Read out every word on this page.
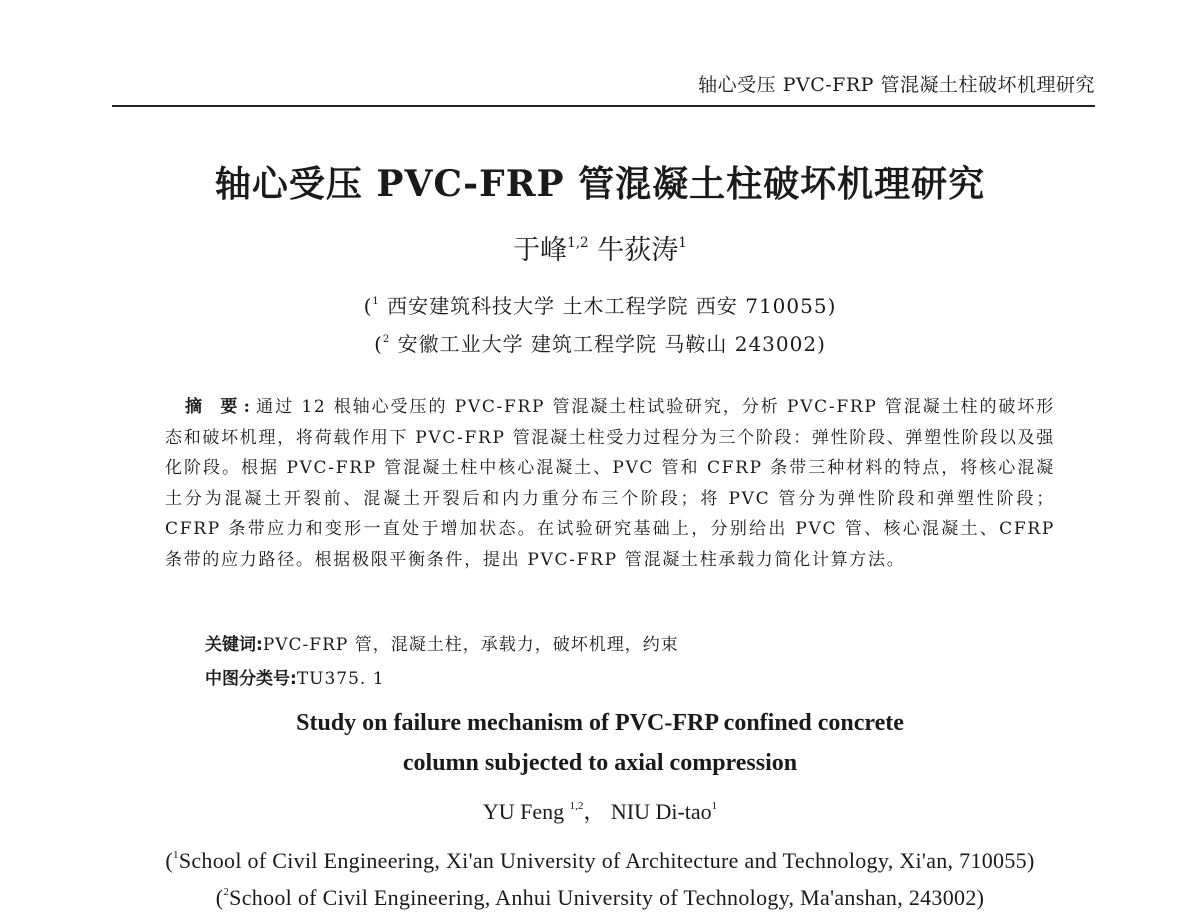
轴心受压 PVC-FRP 管混凝土柱破坏机理研究
轴心受压 PVC-FRP 管混凝土柱破坏机理研究
于峰$^{1,2}$ 牛荻涛$^1$
($^1$ 西安建筑科技大学 土木工程学院 西安 710055)
($^2$ 安徽工业大学 建筑工程学院 马鞍山 243002)
摘 要:通过 12 根轴心受压的 PVC-FRP 管混凝土柱试验研究，分析 PVC-FRP 管混凝土柱的破坏形态和破坏机理，将荷载作用下 PVC-FRP 管混凝土柱受力过程分为三个阶段：弹性阶段、弹塑性阶段以及强化阶段。根据 PVC-FRP 管混凝土柱中核心混凝土、PVC 管和 CFRP 条带三种材料的特点，将核心混凝土分为混凝土开裂前、混凝土开裂后和内力重分布三个阶段；将 PVC 管分为弹性阶段和弹塑性阶段；CFRP 条带应力和变形一直处于增加状态。在试验研究基础上，分别给出 PVC 管、核心混凝土、CFRP 条带的应力路径。根据极限平衡条件，提出 PVC-FRP 管混凝土柱承载力简化计算方法。
关键词:PVC-FRP 管，混凝土柱，承载力，破坏机理，约束
中图分类号:TU375. 1
Study on failure mechanism of PVC-FRP confined concrete
column subjected to axial compression
YU Feng $^{1,2}$， NIU Di-tao$^1$
($^1$School of Civil Engineering, Xi'an University of Architecture and Technology, Xi'an, 710055)
($^2$School of Civil Engineering, Anhui University of Technology, Ma'anshan, 243002)
